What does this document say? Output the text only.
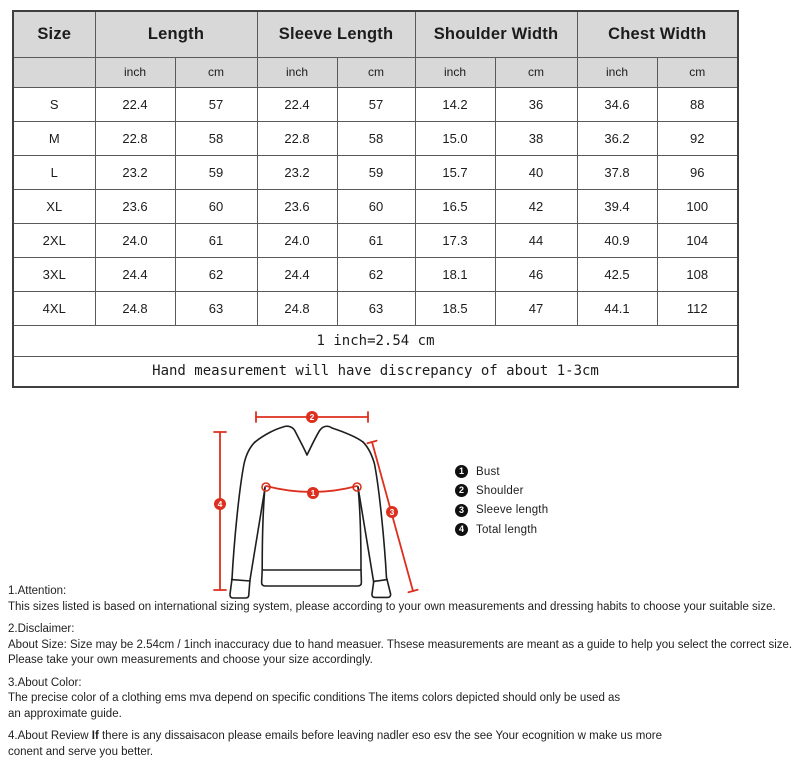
Size	Length		Sleeve Length		Shoulder Width		Chest Width	
	inch	cm	inch	cm	inch	cm	inch	cm
S	22.4	57	22.4	57	14.2	36	34.6	88
M	22.8	58	22.8	58	15.0	38	36.2	92
L	23.2	59	23.2	59	15.7	40	37.8	96
XL	23.6	60	23.6	60	16.5	42	39.4	100
2XL	24.0	61	24.0	61	17.3	44	40.9	104
3XL	24.4	62	24.4	62	18.1	46	42.5	108
4XL	24.8	63	24.8	63	18.5	47	44.1	112
1 inch=2.54 cm								
Hand measurement will have discrepancy of about 1-3cm								
2
4
3
1
1	Bust
2	Shoulder
3	Sleeve length
4	Total length
1.Attention:
This sizes listed is based on international sizing system, please according to your own measurements and dressing habits to choose your suitable size.
2.Disclaimer:
About Size: Size may be 2.54cm / 1inch inaccuracy due to hand measuer. Thsese measurements are meant as a guide to help you select the correct size.
Please take your own measurements and choose your size accordingly.
3.About Color:
The precise color of a clothing ems mva depend on specific conditions The items colors depicted should only be used as
an approximate guide.
4.About Review If there is any dissaisacon please emails before leaving nadler eso esv the see Your ecognition w make us more
conent and serve you better.
